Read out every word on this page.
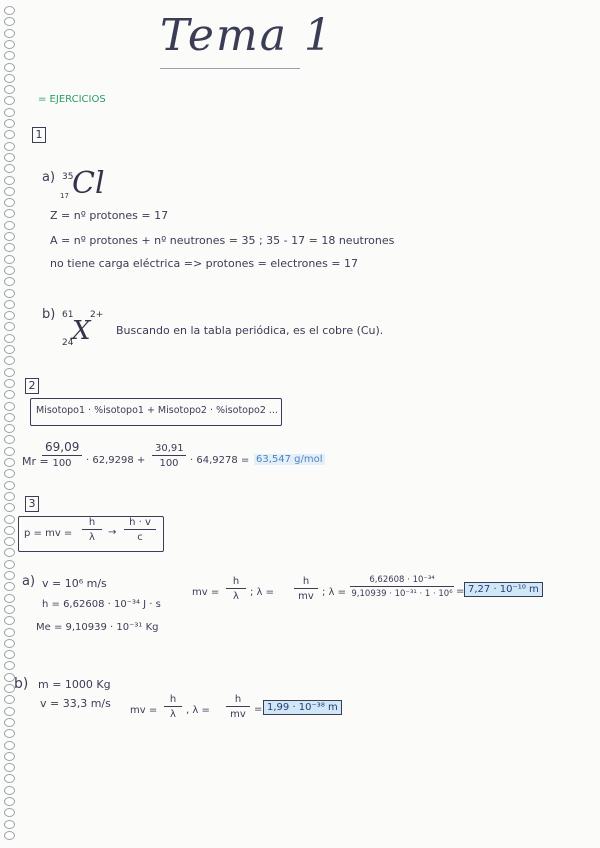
Tema 1
= EJERCICIOS
1
a) 35
17 Cl
Z = nº protones = 17
A = nº protones + nº neutrones = 35 ; 35 - 17 = 18 neutrones
no tiene carga eléctrica => protones = electrones = 17
b) 61 2+
24
X Buscando en la tabla periódica, es el cobre (Cu).
2
Misotopo1 · %isotopo1 + Misotopo2 · %isotopo2 ...
Mr =
69,09
100	· $62,9298 + \frac{30,91}{100} \cdot 64,9278 = 63,547$ g/mol
3
p = mv = $\frac{h}{\lambda} \to \frac{h \cdot v}{c}$
a) v = 10⁶ m/s
h = 6,62608 · 10⁻³⁴ J · s
Me = 9,10939 · 10⁻³¹ Kg
mv = $\frac{h}{\lambda}$ ; $\lambda = \frac{h}{mv}$ ; $\lambda = \frac{\text{6,62608 · 10⁻³⁴}}{\text{9,10939 · 10⁻³¹ · 1 · 10⁶}} = 7,27 \cdot 10^{-10}$ m
b) m = 1000 Kg
v = 33,3 m/s
mv = $\frac{h}{\lambda}$ , $\lambda = \frac{h}{mv} = 1,99 \cdot 10^{-38}$ m
